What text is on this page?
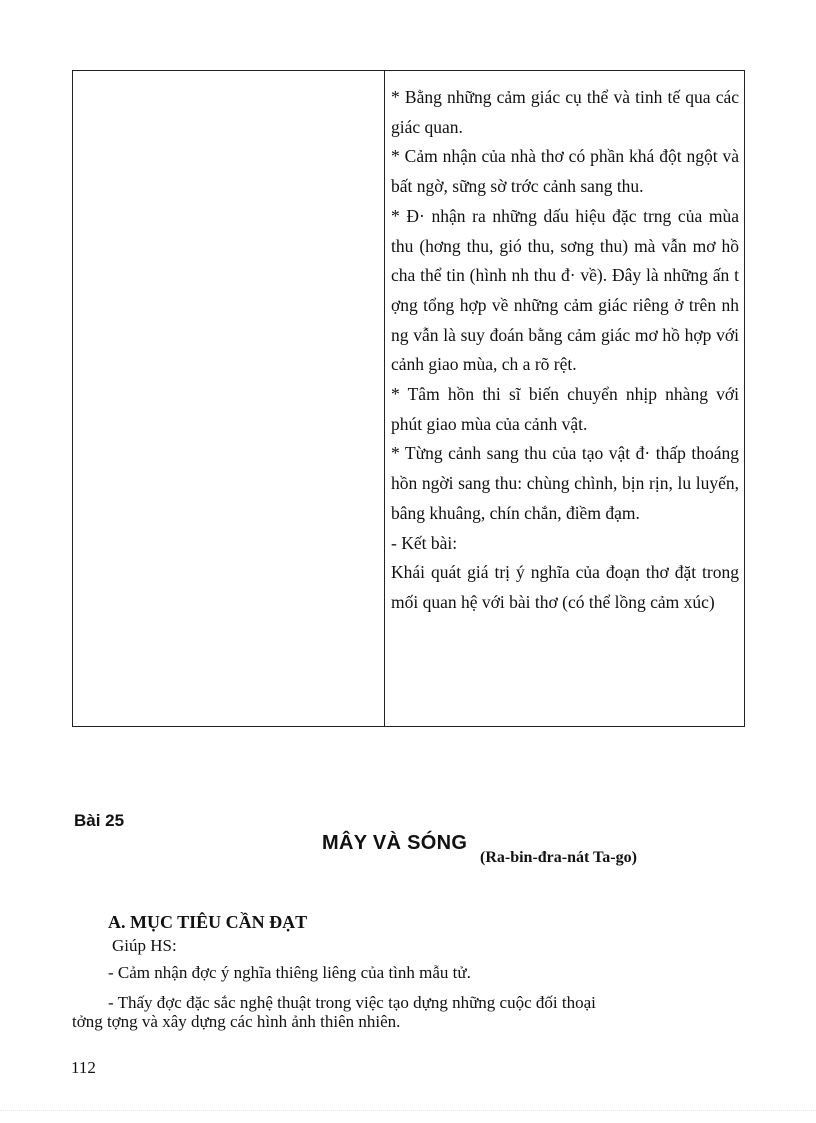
* Bằng những cảm giác cụ thể và tinh tế qua các giác quan.

* Cảm nhận của nhà thơ có phần khá đột ngột và bất ngờ, sững sờ trớc cảnh sang thu.

* Đ· nhận ra những dấu hiệu đặc trng của mùa thu (hơng thu, gió thu, sơng thu) mà vẫn mơ hồ cha thể tin (hình nh thu đ· về). Đây là những ấn t ợng tổng hợp về những cảm giác riêng ở trên nh ng vẫn là suy đoán bằng cảm giác mơ hồ hợp với cảnh giao mùa, ch a rõ rệt.

* Tâm hồn thi sĩ biến chuyển nhịp nhàng với phút giao mùa của cảnh vật.

* Từng cảnh sang thu của tạo vật đ· thấp thoáng hồn ngời sang thu: chùng chình, bịn rịn, lu luyến, bâng khuâng, chín chắn, điềm đạm.

- Kết bài:

Khái quát giá trị ý nghĩa của đoạn thơ đặt trong mối quan hệ với bài thơ (có thể lồng cảm xúc)

Bài 25
MÂY VÀ SÓNG
(Ra-bin-đra-nát Ta-go)
A. MỤC TIÊU CẦN ĐẠT
Giúp HS:
- Cảm nhận đợc ý nghĩa thiêng liêng của tình mẫu tử.
- Thấy đợc đặc sắc nghệ thuật trong việc tạo dựng những cuộc đối thoại
tởng tợng và xây dựng các hình ảnh thiên nhiên.
112
